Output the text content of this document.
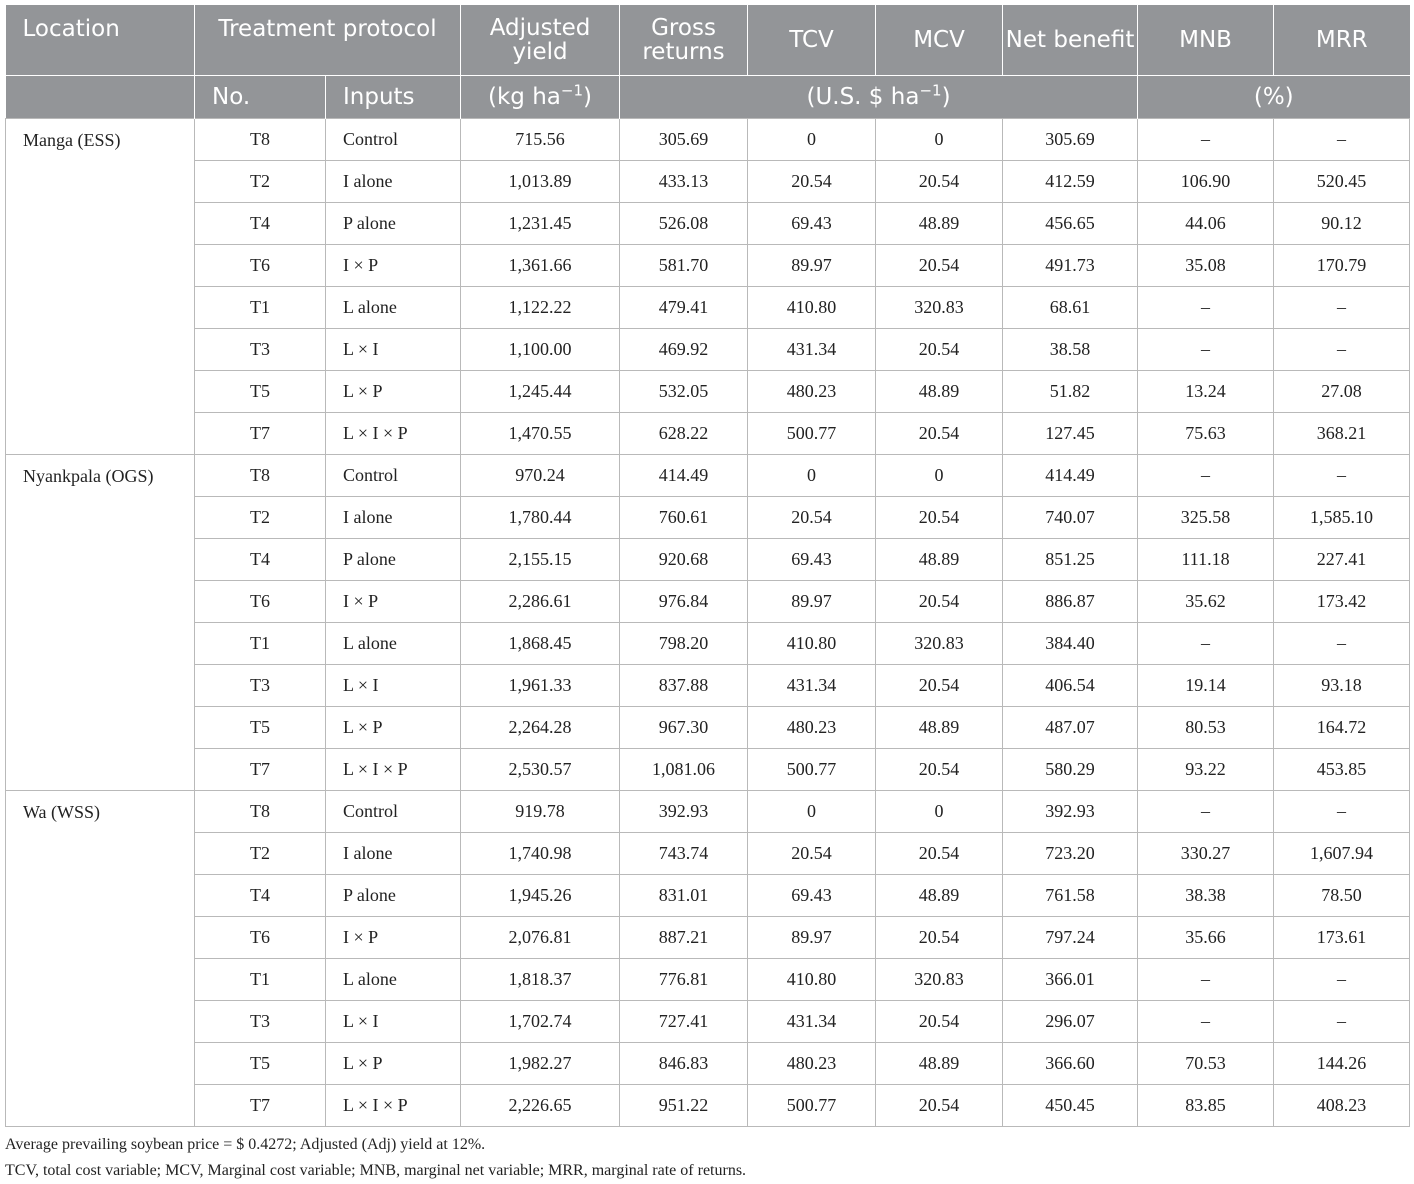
Location	Treatment protocol		Adjusted yield	Gross returns	TCV	MCV	Net benefit	MNB	MRR
	No.	Inputs	(kg $ha^{-1}$)	(U.S. $ $ha^{-1}$)				(%)	
Manga (ESS)	T8	Control	715.56	305.69	0	0	305.69	–	–
	T2	I alone	1,013.89	433.13	20.54	20.54	412.59	106.90	520.45
	T4	P alone	1,231.45	526.08	69.43	48.89	456.65	44.06	90.12
	T6	I × P	1,361.66	581.70	89.97	20.54	491.73	35.08	170.79
	T1	L alone	1,122.22	479.41	410.80	320.83	68.61	–	–
	T3	L × I	1,100.00	469.92	431.34	20.54	38.58	–	–
	T5	L × P	1,245.44	532.05	480.23	48.89	51.82	13.24	27.08
	T7	L × I × P	1,470.55	628.22	500.77	20.54	127.45	75.63	368.21
Nyankpala (OGS)	T8	Control	970.24	414.49	0	0	414.49	–	–
	T2	I alone	1,780.44	760.61	20.54	20.54	740.07	325.58	1,585.10
	T4	P alone	2,155.15	920.68	69.43	48.89	851.25	111.18	227.41
	T6	I × P	2,286.61	976.84	89.97	20.54	886.87	35.62	173.42
	T1	L alone	1,868.45	798.20	410.80	320.83	384.40	–	–
	T3	L × I	1,961.33	837.88	431.34	20.54	406.54	19.14	93.18
	T5	L × P	2,264.28	967.30	480.23	48.89	487.07	80.53	164.72
	T7	L × I × P	2,530.57	1,081.06	500.77	20.54	580.29	93.22	453.85
Wa (WSS)	T8	Control	919.78	392.93	0	0	392.93	–	–
	T2	I alone	1,740.98	743.74	20.54	20.54	723.20	330.27	1,607.94
	T4	P alone	1,945.26	831.01	69.43	48.89	761.58	38.38	78.50
	T6	I × P	2,076.81	887.21	89.97	20.54	797.24	35.66	173.61
	T1	L alone	1,818.37	776.81	410.80	320.83	366.01	–	–
	T3	L × I	1,702.74	727.41	431.34	20.54	296.07	–	–
	T5	L × P	1,982.27	846.83	480.23	48.89	366.60	70.53	144.26
	T7	L × I × P	2,226.65	951.22	500.77	20.54	450.45	83.85	408.23

Average prevailing soybean price = $ 0.4272; Adjusted (Adj) yield at 12%.

TCV, total cost variable; MCV, Marginal cost variable; MNB, marginal net variable; MRR, marginal rate of returns.
